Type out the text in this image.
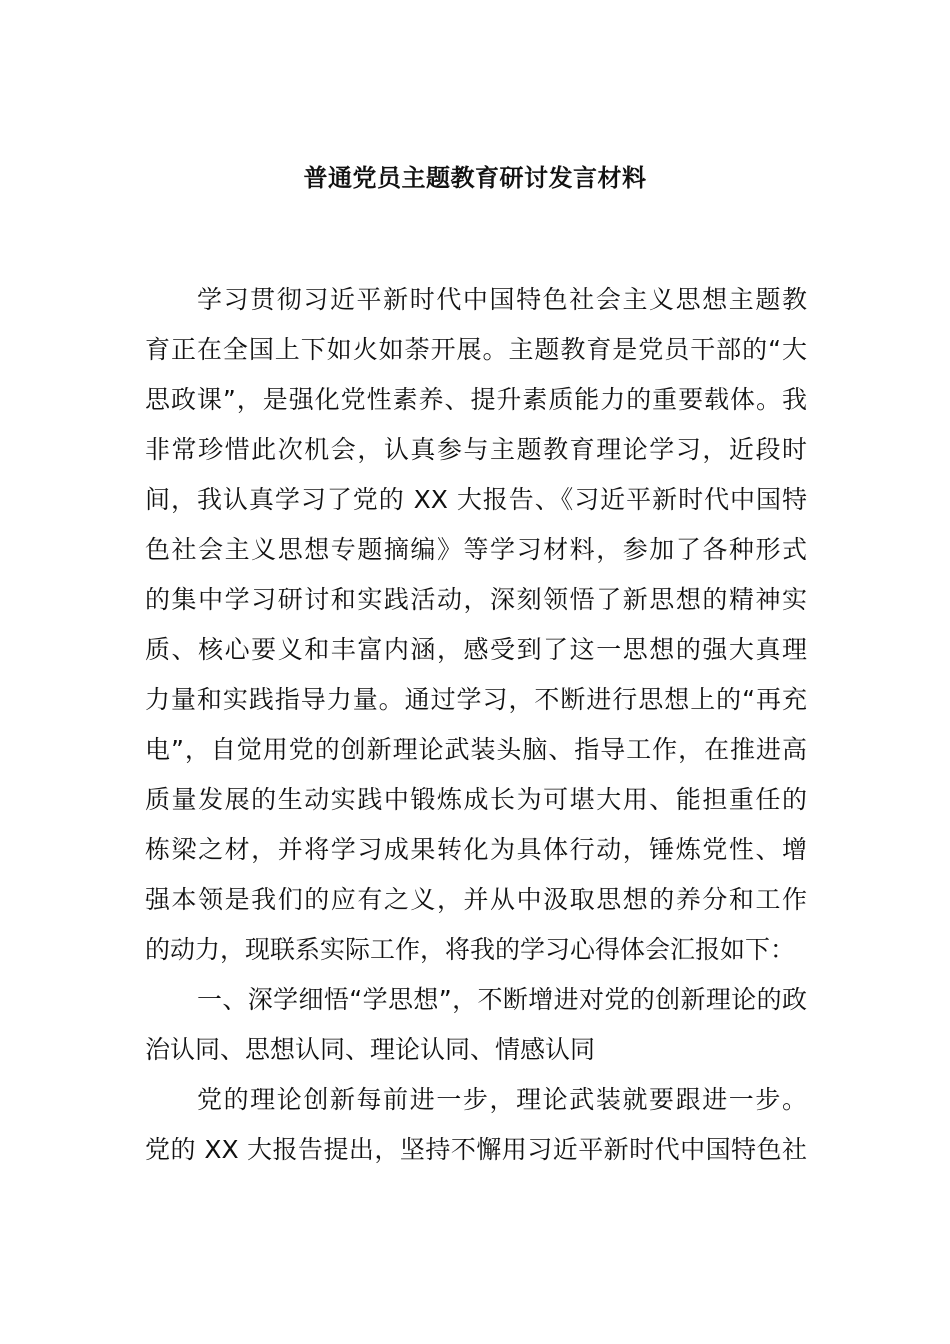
普通党员主题教育研讨发言材料
学习贯彻习近平新时代中国特色社会主义思想主题教
育正在全国上下如火如荼开展。主题教育是党员干部的“大
思政课”，是强化党性素养、提升素质能力的重要载体。我
非常珍惜此次机会，认真参与主题教育理论学习，近段时
间，我认真学习了党的 XX 大报告、《习近平新时代中国特
色社会主义思想专题摘编》等学习材料，参加了各种形式
的集中学习研讨和实践活动，深刻领悟了新思想的精神实
质、核心要义和丰富内涵，感受到了这一思想的强大真理
力量和实践指导力量。通过学习，不断进行思想上的“再充
电”，自觉用党的创新理论武装头脑、指导工作，在推进高
质量发展的生动实践中锻炼成长为可堪大用、能担重任的
栋梁之材，并将学习成果转化为具体行动，锤炼党性、增
强本领是我们的应有之义，并从中汲取思想的养分和工作
的动力，现联系实际工作，将我的学习心得体会汇报如下：
一、深学细悟“学思想”，不断增进对党的创新理论的政
治认同、思想认同、理论认同、情感认同
党的理论创新每前进一步，理论武装就要跟进一步。
党的 XX 大报告提出，坚持不懈用习近平新时代中国特色社
